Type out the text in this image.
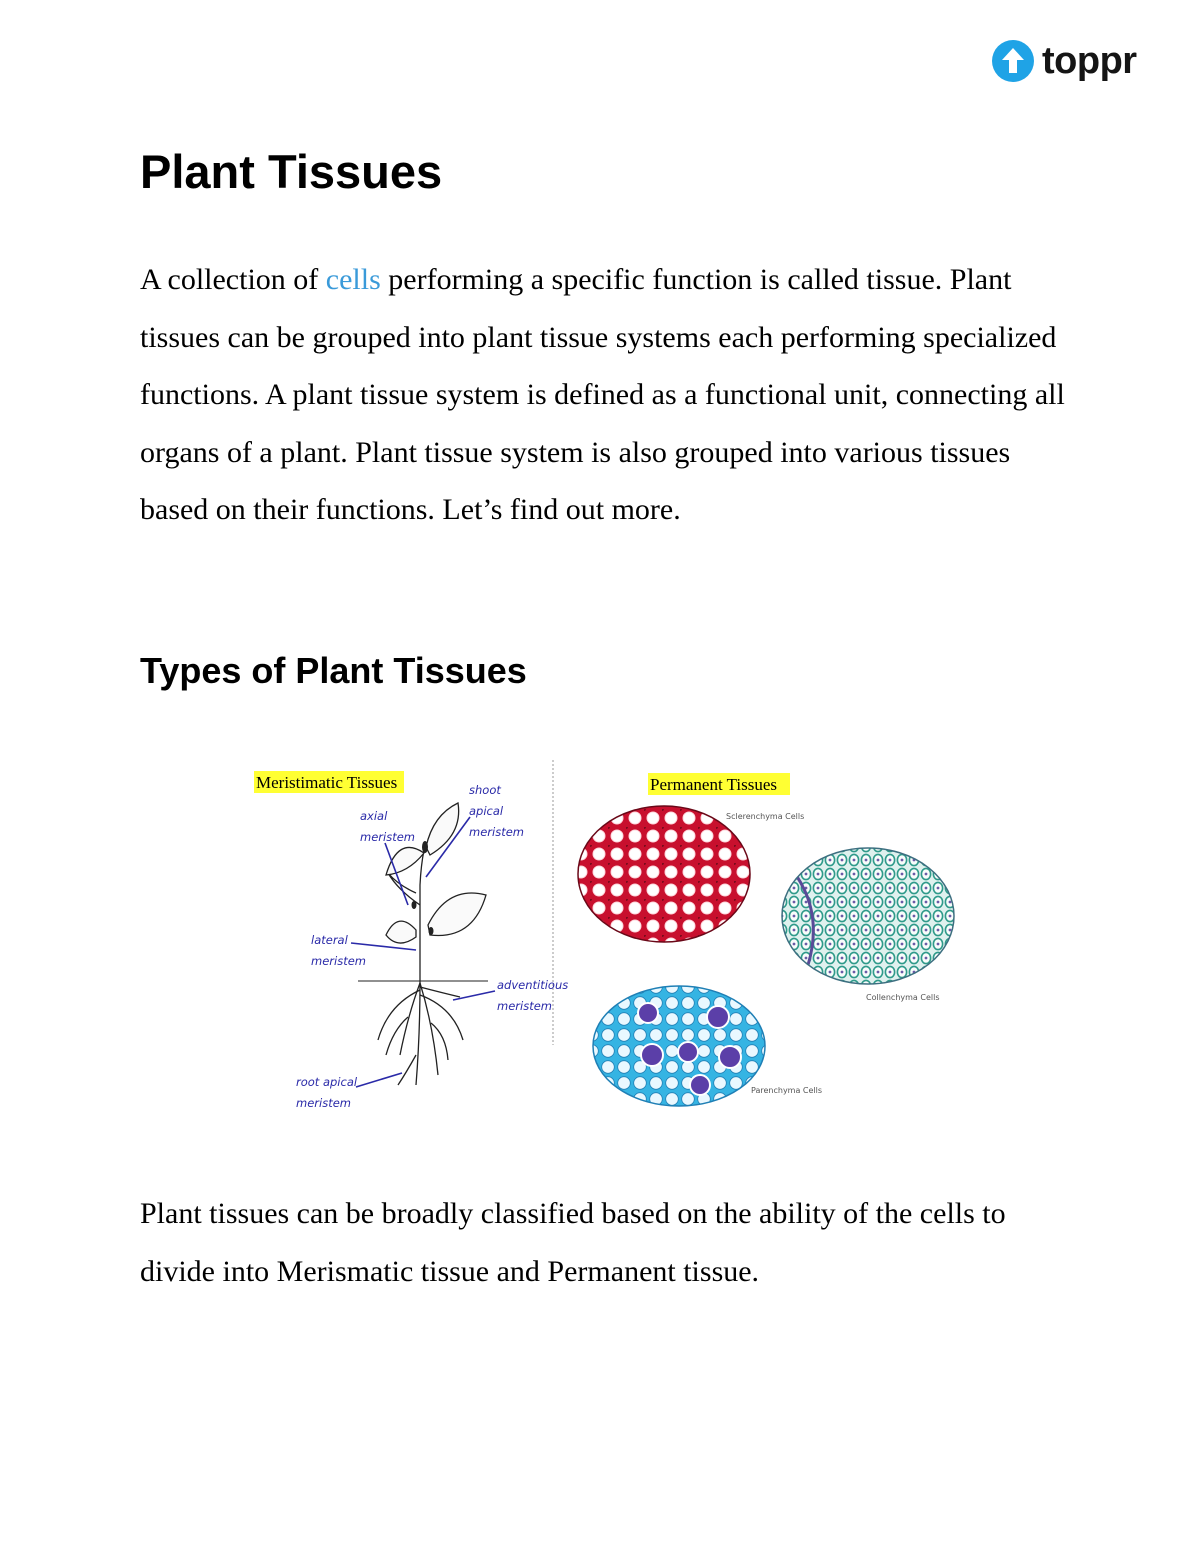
toppr
Plant Tissues

A collection of cells performing a specific function is called tissue. Plant tissues can be grouped into plant tissue systems each performing specialized functions. A plant tissue system is defined as a functional unit, connecting all organs of a plant. Plant tissue system is also grouped into various tissues based on their functions. Let’s find out more.

Types of Plant Tissues
Meristimatic Tissues	Permanent Tissues
shoot apical meristem
axial meristem
lateral meristem
adventitious meristem
root apical meristem
Sclerenchyma Cells
Collenchyma Cells
Parenchyma Cells

Plant tissues can be broadly classified based on the ability of the cells to divide into Merismatic tissue and Permanent tissue.
